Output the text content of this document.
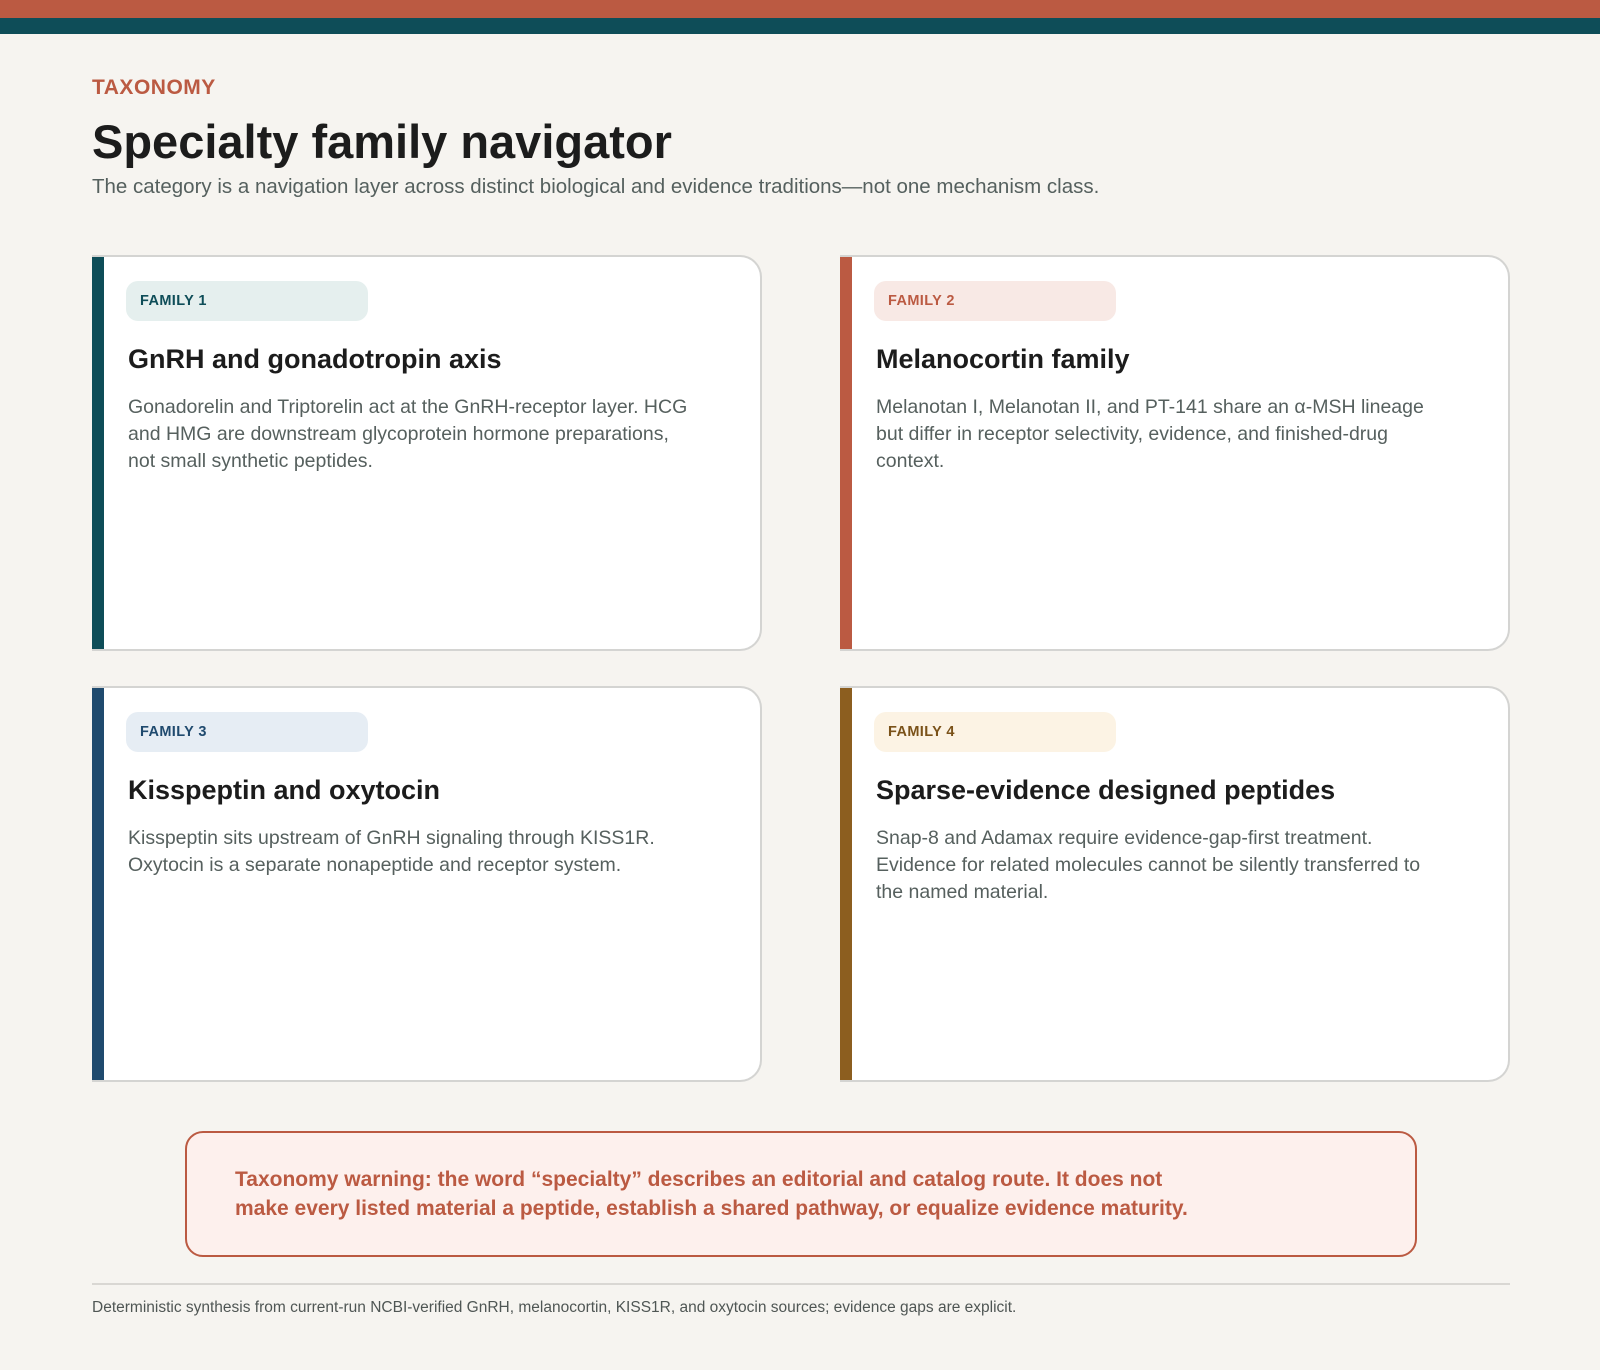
TAXONOMY
Specialty family navigator

The category is a navigation layer across distinct biological and evidence traditions—not one mechanism class.

FAMILY 1
GnRH and gonadotropin axis

Gonadorelin and Triptorelin act at the GnRH-receptor layer. HCG and HMG are downstream glycoprotein hormone preparations, not small synthetic peptides.

FAMILY 2
Melanocortin family

Melanotan I, Melanotan II, and PT-141 share an α-MSH lineage but differ in receptor selectivity, evidence, and finished-drug context.

FAMILY 3
Kisspeptin and oxytocin

Kisspeptin sits upstream of GnRH signaling through KISS1R. Oxytocin is a separate nonapeptide and receptor system.

FAMILY 4
Sparse-evidence designed peptides

Snap-8 and Adamax require evidence-gap-first treatment. Evidence for related molecules cannot be silently transferred to the named material.

Taxonomy warning: the word “specialty” describes an editorial and catalog route. It does not make every listed material a peptide, establish a shared pathway, or equalize evidence maturity.

Deterministic synthesis from current-run NCBI-verified GnRH, melanocortin, KISS1R, and oxytocin sources; evidence gaps are explicit.
